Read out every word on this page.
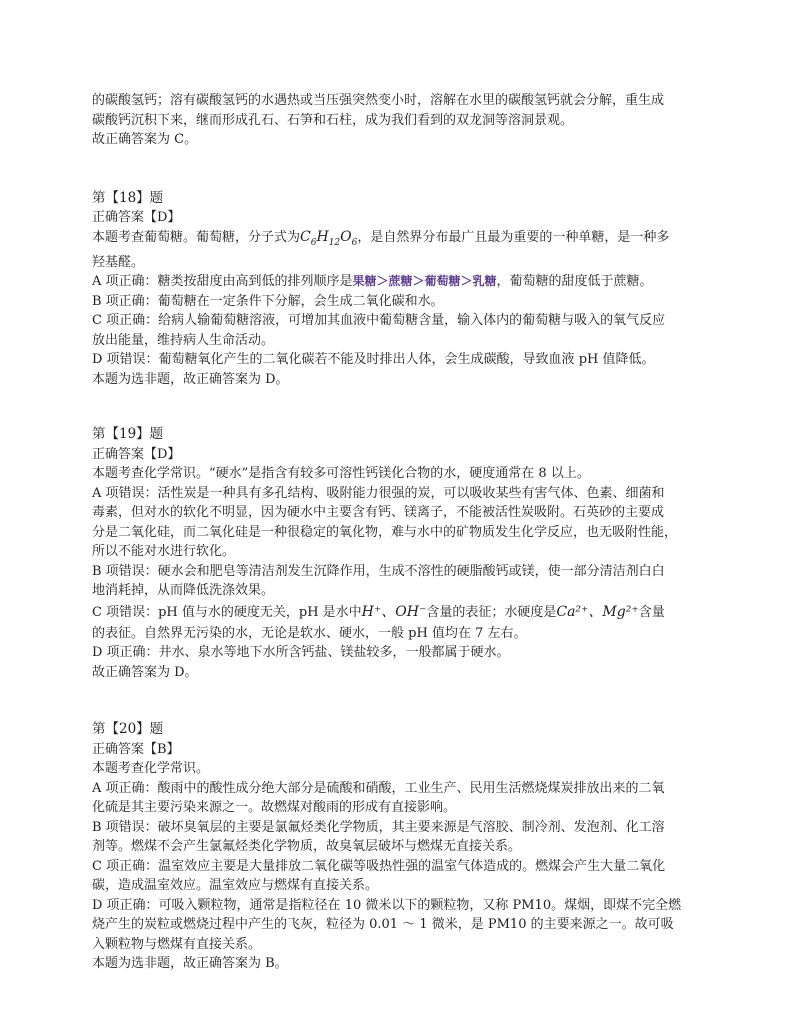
的碳酸氢钙；溶有碳酸氢钙的水遇热或当压强突然变小时，溶解在水里的碳酸氢钙就会分解，重生成
碳酸钙沉积下来，继而形成孔石、石笋和石柱，成为我们看到的双龙洞等溶洞景观。
故正确答案为 C。
第【18】题
正确答案【D】
本题考查葡萄糖。葡萄糖，分子式为$C_6H_{12}O_6$，是自然界分布最广且最为重要的一种单糖，是一种多
羟基醛。
A 项正确：糖类按甜度由高到低的排列顺序是果糖＞蔗糖＞葡萄糖＞乳糖，葡萄糖的甜度低于蔗糖。
B 项正确：葡萄糖在一定条件下分解，会生成二氧化碳和水。
C 项正确：给病人输葡萄糖溶液，可增加其血液中葡萄糖含量，输入体内的葡萄糖与吸入的氧气反应
放出能量，维持病人生命活动。
D 项错误：葡萄糖氧化产生的二氧化碳若不能及时排出人体，会生成碳酸，导致血液 pH 值降低。
本题为选非题，故正确答案为 D。
第【19】题
正确答案【D】
本题考查化学常识。“硬水”是指含有较多可溶性钙镁化合物的水，硬度通常在 8 以上。
A 项错误：活性炭是一种具有多孔结构、吸附能力很强的炭，可以吸收某些有害气体、色素、细菌和
毒素，但对水的软化不明显，因为硬水中主要含有钙、镁离子，不能被活性炭吸附。石英砂的主要成
分是二氧化硅，而二氧化硅是一种很稳定的氧化物，难与水中的矿物质发生化学反应，也无吸附性能，
所以不能对水进行软化。
B 项错误：硬水会和肥皂等清洁剂发生沉降作用，生成不溶性的硬脂酸钙或镁，使一部分清洁剂白白
地消耗掉，从而降低洗涤效果。
C 项错误：pH 值与水的硬度无关，pH 是水中H⁺、OH⁻含量的表征；水硬度是Ca²⁺、Mg²⁺含量
的表征。自然界无污染的水，无论是软水、硬水，一般 pH 值均在 7 左右。
D 项正确：井水、泉水等地下水所含钙盐、镁盐较多，一般都属于硬水。
故正确答案为 D。
第【20】题
正确答案【B】
本题考查化学常识。
A 项正确：酸雨中的酸性成分绝大部分是硫酸和硝酸，工业生产、民用生活燃烧煤炭排放出来的二氧
化硫是其主要污染来源之一。故燃煤对酸雨的形成有直接影响。
B 项错误：破坏臭氧层的主要是氯氟烃类化学物质，其主要来源是气溶胶、制冷剂、发泡剂、化工溶
剂等。燃煤不会产生氯氟烃类化学物质，故臭氧层破坏与燃煤无直接关系。
C 项正确：温室效应主要是大量排放二氧化碳等吸热性强的温室气体造成的。燃煤会产生大量二氧化
碳，造成温室效应。温室效应与燃煤有直接关系。
D 项正确：可吸入颗粒物，通常是指粒径在 10 微米以下的颗粒物，又称 PM10。煤烟，即煤不完全燃
烧产生的炭粒或燃烧过程中产生的飞灰，粒径为 0.01 ～ 1 微米，是 PM10 的主要来源之一。故可吸
入颗粒物与燃煤有直接关系。
本题为选非题，故正确答案为 B。
